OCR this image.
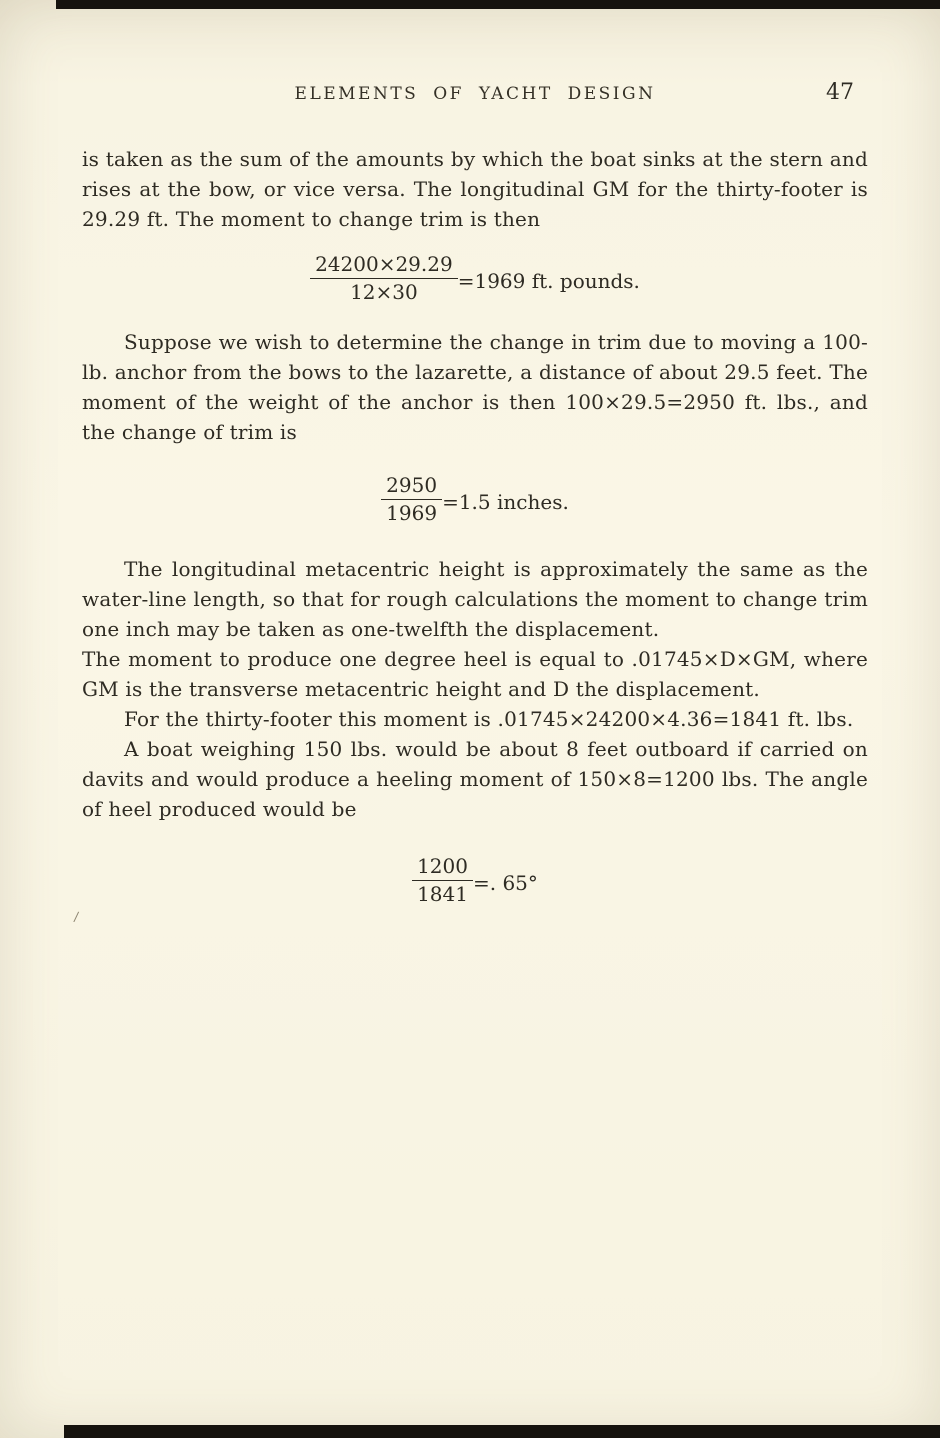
ELEMENTS OF YACHT DESIGN	47

is taken as the sum of the amounts by which the boat sinks at the stern and rises at the bow, or vice versa. The longitudinal GM for the thirty-footer is 29.29 ft. The moment to change trim is then

$\frac{24200\times 29.29}{12\times 30} =1969$ ft. pounds.

Suppose we wish to determine the change in trim due to moving a 100-lb. anchor from the bows to the lazarette, a distance of about 29.5 feet. The moment of the weight of the anchor is then 100×29.5=2950 ft. lbs., and the change of trim is

$\frac{2950}{1969} =1.5$ inches.

The longitudinal metacentric height is approximately the same as the water-line length, so that for rough calculations the moment to change trim one inch may be taken as one-twelfth the displacement.

The moment to produce one degree heel is equal to .01745×D×GM, where GM is the transverse metacentric height and D the displacement.

For the thirty-footer this moment is .01745×24200×4.36=1841 ft. lbs.

A boat weighing 150 lbs. would be about 8 feet outboard if carried on davits and would produce a heeling moment of 150×8=1200 lbs. The angle of heel produced would be

$\frac{1200}{1841}$ =. 65°
/
